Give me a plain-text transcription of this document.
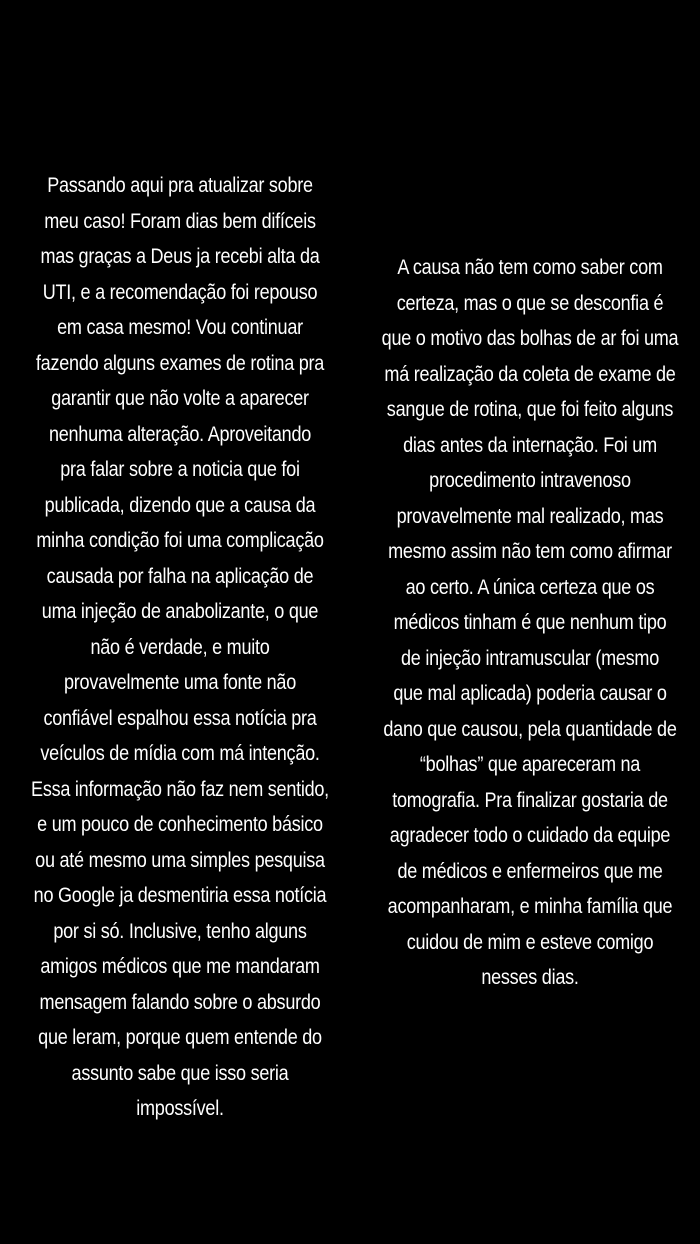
Passando aqui pra atualizar sobre
meu caso! Foram dias bem difíceis
mas graças a Deus ja recebi alta da
UTI, e a recomendação foi repouso
em casa mesmo! Vou continuar
fazendo alguns exames de rotina pra
garantir que não volte a aparecer
nenhuma alteração. Aproveitando
pra falar sobre a noticia que foi
publicada, dizendo que a causa da
minha condição foi uma complicação
causada por falha na aplicação de
uma injeção de anabolizante, o que
não é verdade, e muito
provavelmente uma fonte não
confiável espalhou essa notícia pra
veículos de mídia com má intenção.
Essa informação não faz nem sentido,
e um pouco de conhecimento básico
ou até mesmo uma simples pesquisa
no Google ja desmentiria essa notícia
por si só. Inclusive, tenho alguns
amigos médicos que me mandaram
mensagem falando sobre o absurdo
que leram, porque quem entende do
assunto sabe que isso seria
impossível.
A causa não tem como saber com
certeza, mas o que se desconfia é
que o motivo das bolhas de ar foi uma
má realização da coleta de exame de
sangue de rotina, que foi feito alguns
dias antes da internação. Foi um
procedimento intravenoso
provavelmente mal realizado, mas
mesmo assim não tem como afirmar
ao certo. A única certeza que os
médicos tinham é que nenhum tipo
de injeção intramuscular (mesmo
que mal aplicada) poderia causar o
dano que causou, pela quantidade de
“bolhas” que apareceram na
tomografia. Pra finalizar gostaria de
agradecer todo o cuidado da equipe
de médicos e enfermeiros que me
acompanharam, e minha família que
cuidou de mim e esteve comigo
nesses dias.
